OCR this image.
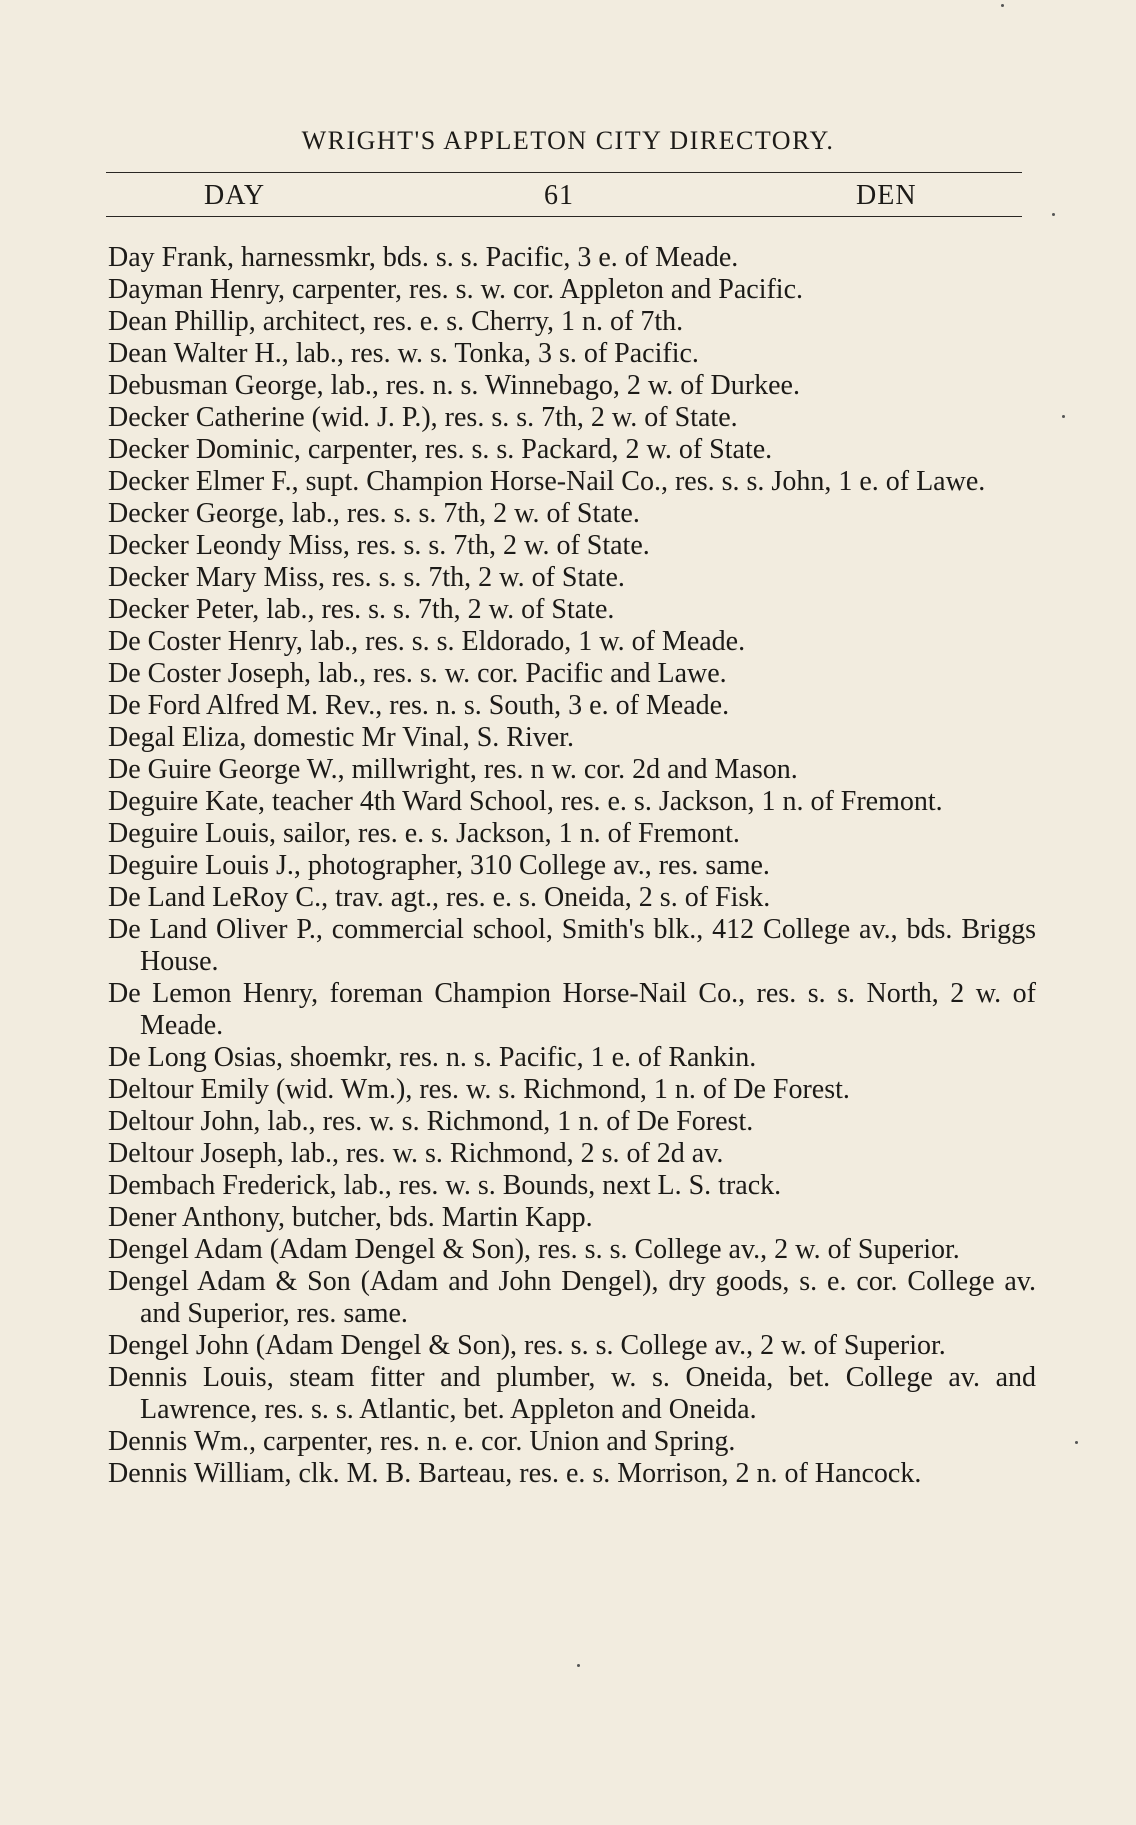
WRIGHT'S APPLETON CITY DIRECTORY.
DAY	61	DEN
Day Frank, harnessmkr, bds. s. s. Pacific, 3 e. of Meade.
Dayman Henry, carpenter, res. s. w. cor. Appleton and Pacific.
Dean Phillip, architect, res. e. s. Cherry, 1 n. of 7th.
Dean Walter H., lab., res. w. s. Tonka, 3 s. of Pacific.
Debusman George, lab., res. n. s. Winnebago, 2 w. of Durkee.
Decker Catherine (wid. J. P.), res. s. s. 7th, 2 w. of State.
Decker Dominic, carpenter, res. s. s. Packard, 2 w. of State.
Decker Elmer F., supt. Champion Horse-Nail Co., res. s. s. John, 1 e. of Lawe.
Decker George, lab., res. s. s. 7th, 2 w. of State.
Decker Leondy Miss, res. s. s. 7th, 2 w. of State.
Decker Mary Miss, res. s. s. 7th, 2 w. of State.
Decker Peter, lab., res. s. s. 7th, 2 w. of State.
De Coster Henry, lab., res. s. s. Eldorado, 1 w. of Meade.
De Coster Joseph, lab., res. s. w. cor. Pacific and Lawe.
De Ford Alfred M. Rev., res. n. s. South, 3 e. of Meade.
Degal Eliza, domestic Mr Vinal, S. River.
De Guire George W., millwright, res. n w. cor. 2d and Mason.
Deguire Kate, teacher 4th Ward School, res. e. s. Jackson, 1 n. of Fremont.
Deguire Louis, sailor, res. e. s. Jackson, 1 n. of Fremont.
Deguire Louis J., photographer, 310 College av., res. same.
De Land LeRoy C., trav. agt., res. e. s. Oneida, 2 s. of Fisk.
De Land Oliver P., commercial school, Smith's blk., 412 College av., bds. Briggs House.
De Lemon Henry, foreman Champion Horse-Nail Co., res. s. s. North, 2 w. of Meade.
De Long Osias, shoemkr, res. n. s. Pacific, 1 e. of Rankin.
Deltour Emily (wid. Wm.), res. w. s. Richmond, 1 n. of De Forest.
Deltour John, lab., res. w. s. Richmond, 1 n. of De Forest.
Deltour Joseph, lab., res. w. s. Richmond, 2 s. of 2d av.
Dembach Frederick, lab., res. w. s. Bounds, next L. S. track.
Dener Anthony, butcher, bds. Martin Kapp.
Dengel Adam (Adam Dengel & Son), res. s. s. College av., 2 w. of Superior.
Dengel Adam & Son (Adam and John Dengel), dry goods, s. e. cor. College av. and Superior, res. same.
Dengel John (Adam Dengel & Son), res. s. s. College av., 2 w. of Superior.
Dennis Louis, steam fitter and plumber, w. s. Oneida, bet. College av. and Lawrence, res. s. s. Atlantic, bet. Appleton and Oneida.
Dennis Wm., carpenter, res. n. e. cor. Union and Spring.
Dennis William, clk. M. B. Barteau, res. e. s. Morrison, 2 n. of Hancock.
